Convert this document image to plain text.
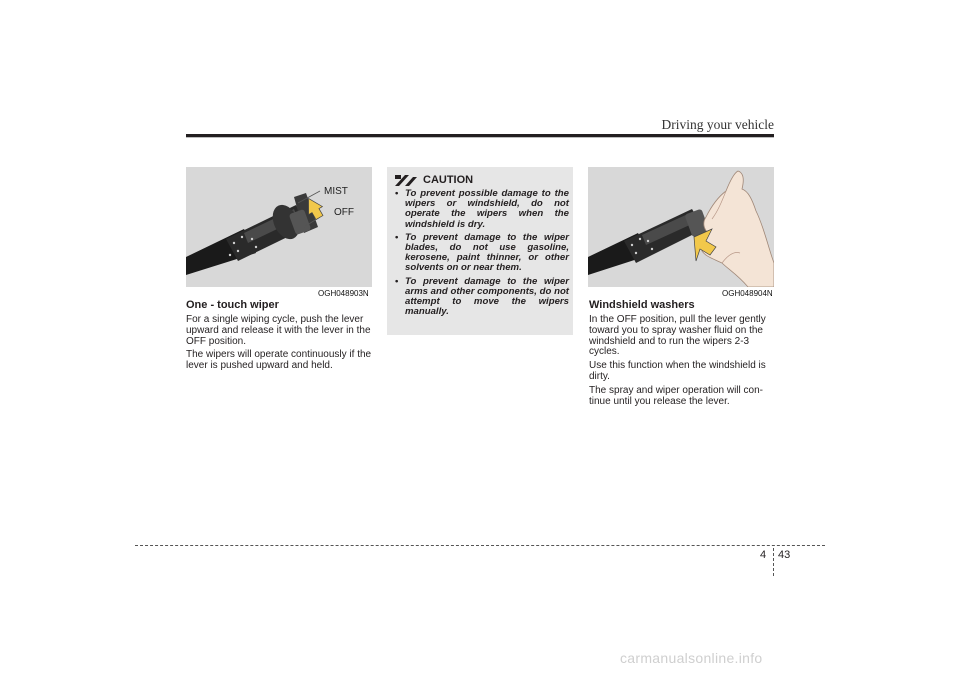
Driving your vehicle
MIST
OFF
OGH048903N
One - touch wiper

For a single wiping cycle, push the lever upward and release it with the lever in the OFF position.

The wipers will operate continuously if the lever is pushed upward and held.

CAUTION
• To prevent possible damage to the wipers or windshield, do not operate the wipers when the windshield is dry.
• To prevent damage to the wiper blades, do not use gasoline, kerosene, paint thinner, or other solvents on or near them.
• To prevent damage to the wiper arms and other components, do not attempt to move the wipers manually.
OGH048904N
Windshield washers

In the OFF position, pull the lever gently toward you to spray washer fluid on the windshield and to run the wipers 2-3 cycles.

Use this function when the windshield is dirty.

The spray and wiper operation will con-tinue until you release the lever.

4 43
carmanualsonline.info
